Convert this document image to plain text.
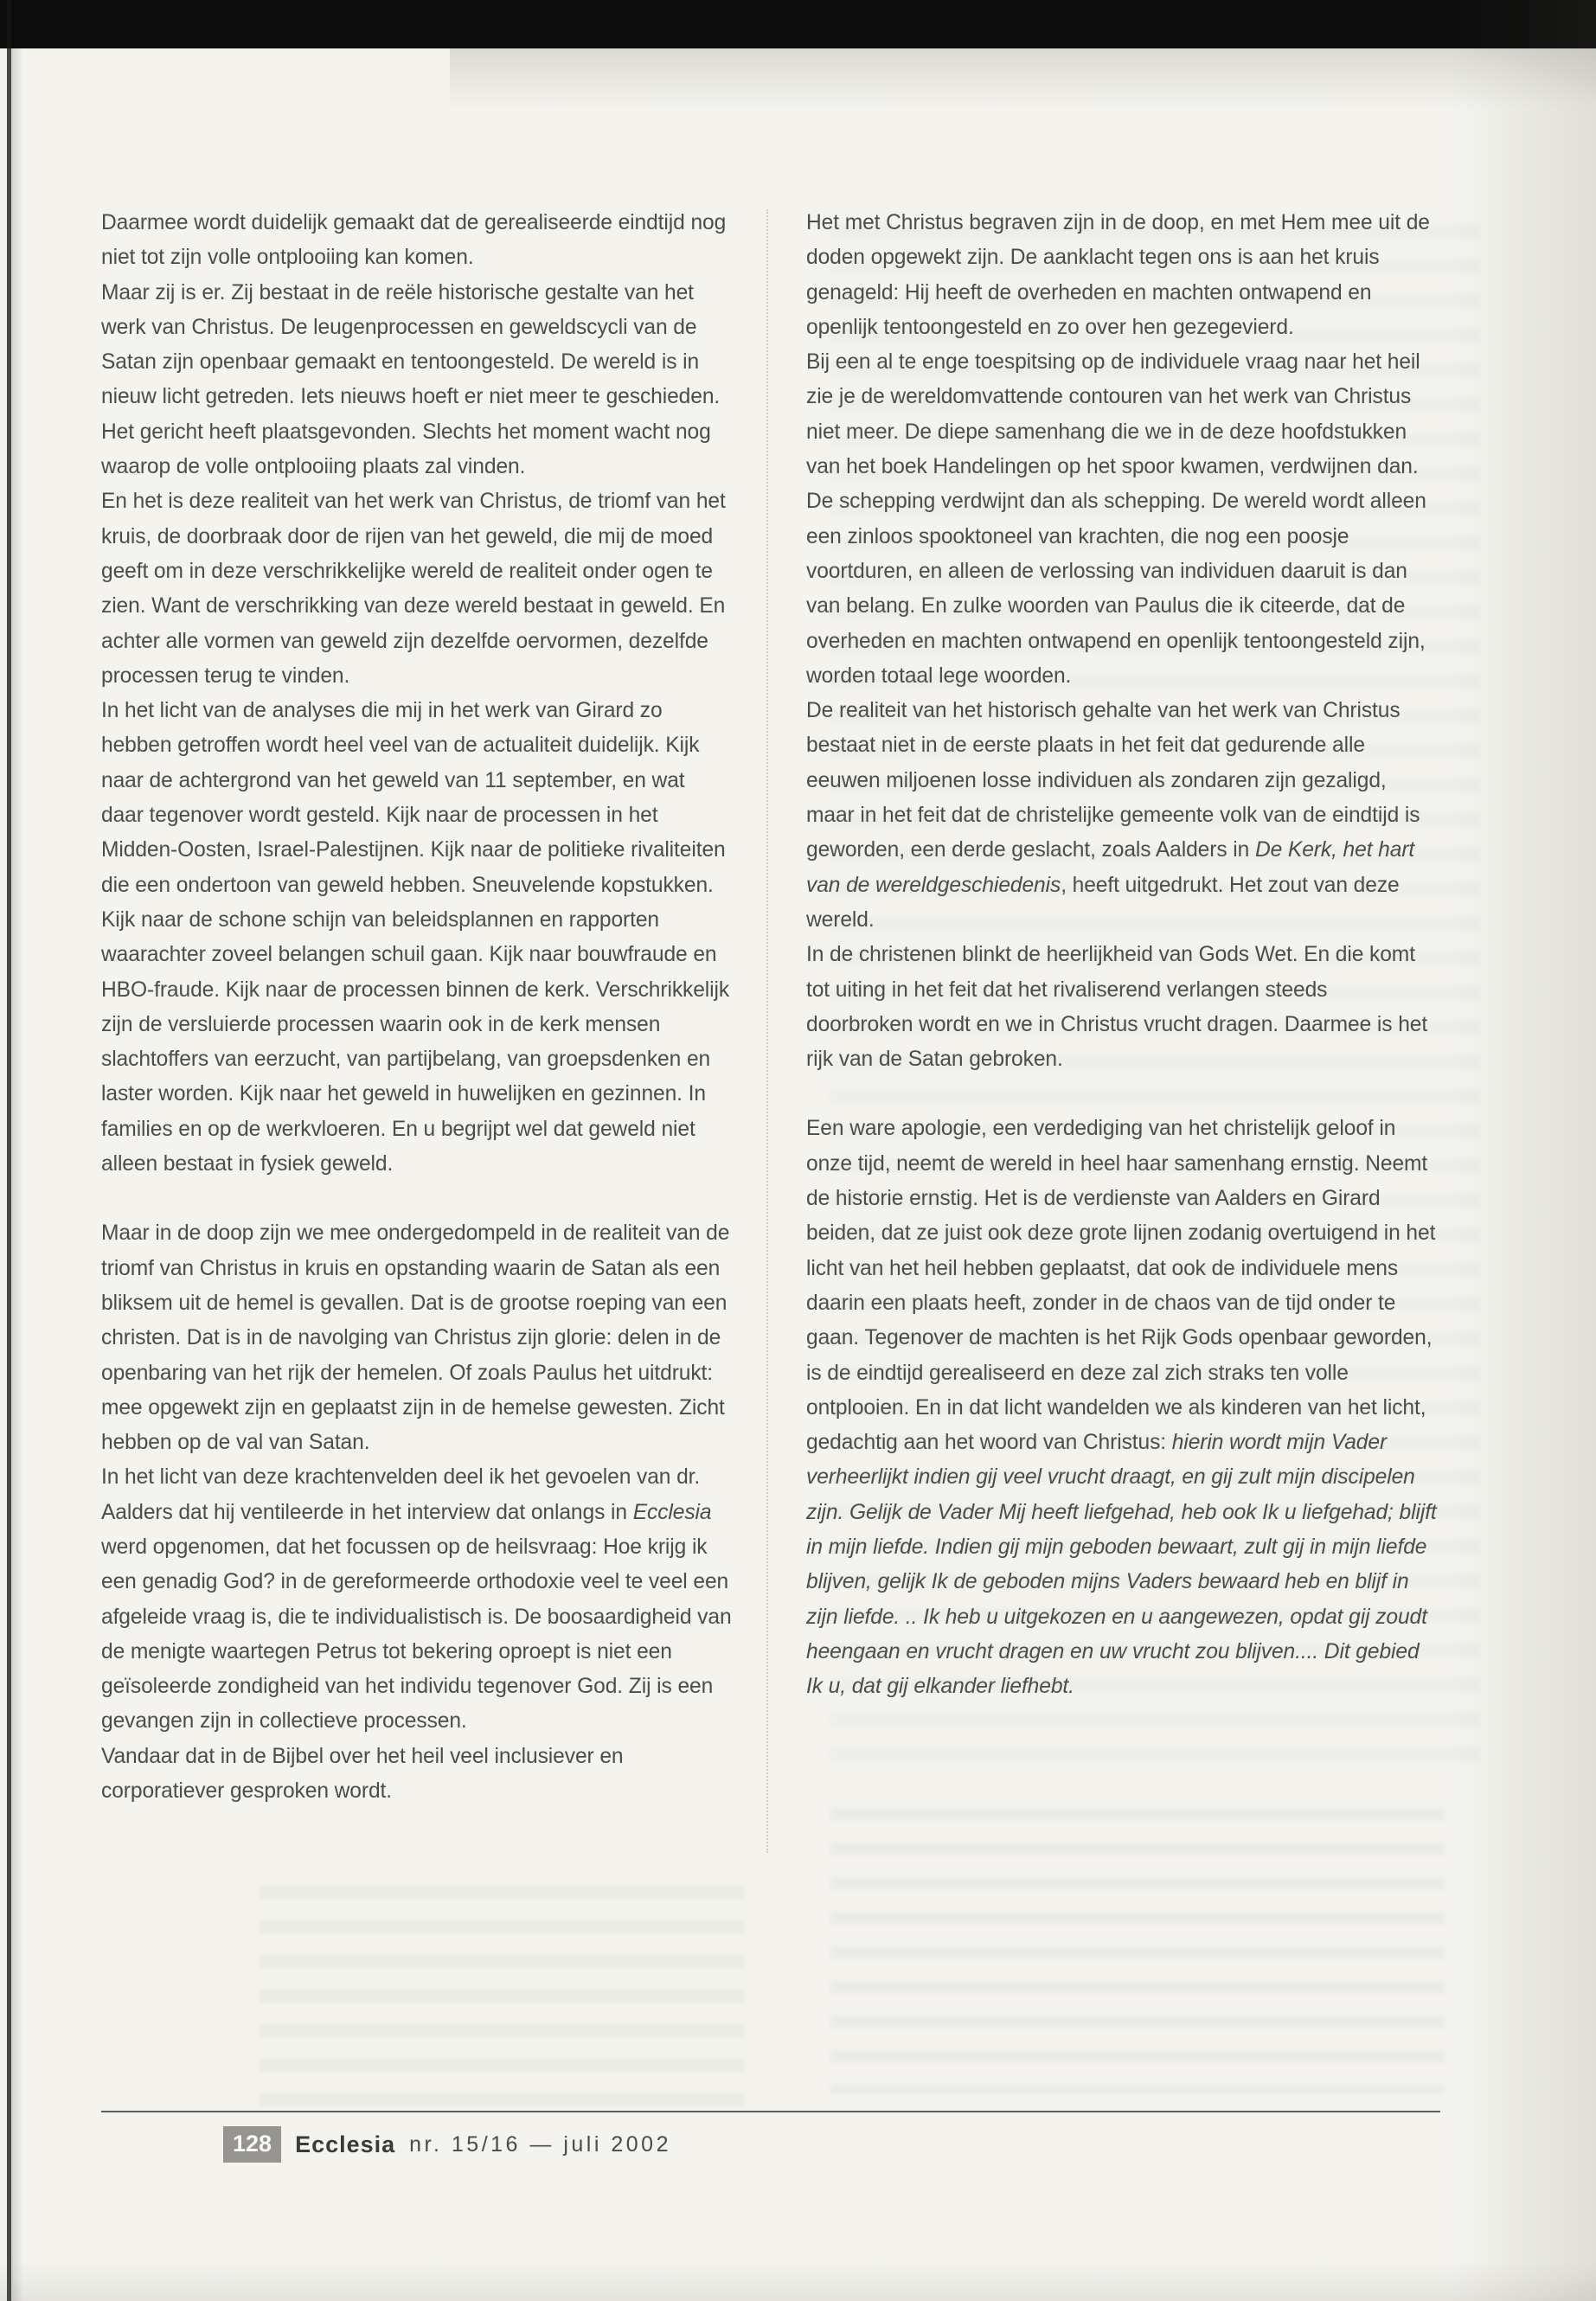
Daarmee wordt duidelijk gemaakt dat de gerealiseerde eindtijd nog niet tot zijn volle ontplooiing kan komen.

Maar zij is er. Zij bestaat in de reële historische gestalte van het werk van Christus. De leugenprocessen en geweldscycli van de Satan zijn openbaar gemaakt en tentoongesteld. De wereld is in nieuw licht getreden. Iets nieuws hoeft er niet meer te geschieden. Het gericht heeft plaatsgevonden. Slechts het moment wacht nog waarop de volle ontplooiing plaats zal vinden.

En het is deze realiteit van het werk van Christus, de triomf van het kruis, de doorbraak door de rijen van het geweld, die mij de moed geeft om in deze verschrikkelijke wereld de realiteit onder ogen te zien. Want de verschrikking van deze wereld bestaat in geweld. En achter alle vormen van geweld zijn dezelfde oervormen, dezelfde processen terug te vinden.

In het licht van de analyses die mij in het werk van Girard zo hebben getroffen wordt heel veel van de actualiteit duidelijk. Kijk naar de achtergrond van het geweld van 11 september, en wat daar tegenover wordt gesteld. Kijk naar de processen in het Midden-Oosten, Israel-Palestijnen. Kijk naar de politieke rivaliteiten die een ondertoon van geweld hebben. Sneuvelende kopstukken. Kijk naar de schone schijn van beleidsplannen en rapporten waarachter zoveel belangen schuil gaan. Kijk naar bouwfraude en HBO-fraude. Kijk naar de processen binnen de kerk. Verschrikkelijk zijn de versluierde processen waarin ook in de kerk mensen slachtoffers van eerzucht, van partijbelang, van groepsdenken en laster worden. Kijk naar het geweld in huwelijken en gezinnen. In families en op de werkvloeren. En u begrijpt wel dat geweld niet alleen bestaat in fysiek geweld.

Maar in de doop zijn we mee ondergedompeld in de realiteit van de triomf van Christus in kruis en opstanding waarin de Satan als een bliksem uit de hemel is gevallen. Dat is de grootse roeping van een christen. Dat is in de navolging van Christus zijn glorie: delen in de openbaring van het rijk der hemelen. Of zoals Paulus het uitdrukt: mee opgewekt zijn en geplaatst zijn in de hemelse gewesten. Zicht hebben op de val van Satan.

In het licht van deze krachtenvelden deel ik het gevoelen van dr. Aalders dat hij ventileerde in het interview dat onlangs in Ecclesia werd opgenomen, dat het focussen op de heilsvraag: Hoe krijg ik een genadig God? in de gereformeerde orthodoxie veel te veel een afgeleide vraag is, die te individualistisch is. De boosaardigheid van de menigte waartegen Petrus tot bekering oproept is niet een geïsoleerde zondigheid van het individu tegenover God. Zij is een gevangen zijn in collectieve processen.

Vandaar dat in de Bijbel over het heil veel inclusiever en corporatiever gesproken wordt.

Het met Christus begraven zijn in de doop, en met Hem mee uit de doden opgewekt zijn. De aanklacht tegen ons is aan het kruis genageld: Hij heeft de overheden en machten ontwapend en openlijk tentoongesteld en zo over hen gezegevierd.

Bij een al te enge toespitsing op de individuele vraag naar het heil zie je de wereldomvattende contouren van het werk van Christus niet meer. De diepe samenhang die we in de deze hoofdstukken van het boek Handelingen op het spoor kwamen, verdwijnen dan. De schepping verdwijnt dan als schepping. De wereld wordt alleen een zinloos spooktoneel van krachten, die nog een poosje voortduren, en alleen de verlossing van individuen daaruit is dan van belang. En zulke woorden van Paulus die ik citeerde, dat de overheden en machten ontwapend en openlijk tentoongesteld zijn, worden totaal lege woorden.

De realiteit van het historisch gehalte van het werk van Christus bestaat niet in de eerste plaats in het feit dat gedurende alle eeuwen miljoenen losse individuen als zondaren zijn gezaligd, maar in het feit dat de christelijke gemeente volk van de eindtijd is geworden, een derde geslacht, zoals Aalders in De Kerk, het hart van de wereldgeschiedenis, heeft uitgedrukt. Het zout van deze wereld.

In de christenen blinkt de heerlijkheid van Gods Wet. En die komt tot uiting in het feit dat het rivaliserend verlangen steeds doorbroken wordt en we in Christus vrucht dragen. Daarmee is het rijk van de Satan gebroken.

Een ware apologie, een verdediging van het christelijk geloof in onze tijd, neemt de wereld in heel haar samenhang ernstig. Neemt de historie ernstig. Het is de verdienste van Aalders en Girard beiden, dat ze juist ook deze grote lijnen zodanig overtuigend in het licht van het heil hebben geplaatst, dat ook de individuele mens daarin een plaats heeft, zonder in de chaos van de tijd onder te gaan. Tegenover de machten is het Rijk Gods openbaar geworden, is de eindtijd gerealiseerd en deze zal zich straks ten volle ontplooien. En in dat licht wandelden we als kinderen van het licht, gedachtig aan het woord van Christus: hierin wordt mijn Vader verheerlijkt indien gij veel vrucht draagt, en gij zult mijn discipelen zijn. Gelijk de Vader Mij heeft liefgehad, heb ook Ik u liefgehad; blijft in mijn liefde. Indien gij mijn geboden bewaart, zult gij in mijn liefde blijven, gelijk Ik de geboden mijns Vaders bewaard heb en blijf in zijn liefde. .. Ik heb u uitgekozen en u aangewezen, opdat gij zoudt heengaan en vrucht dragen en uw vrucht zou blijven.... Dit gebied Ik u, dat gij elkander liefhebt.

128	Ecclesia nr. 15/16 — juli 2002
